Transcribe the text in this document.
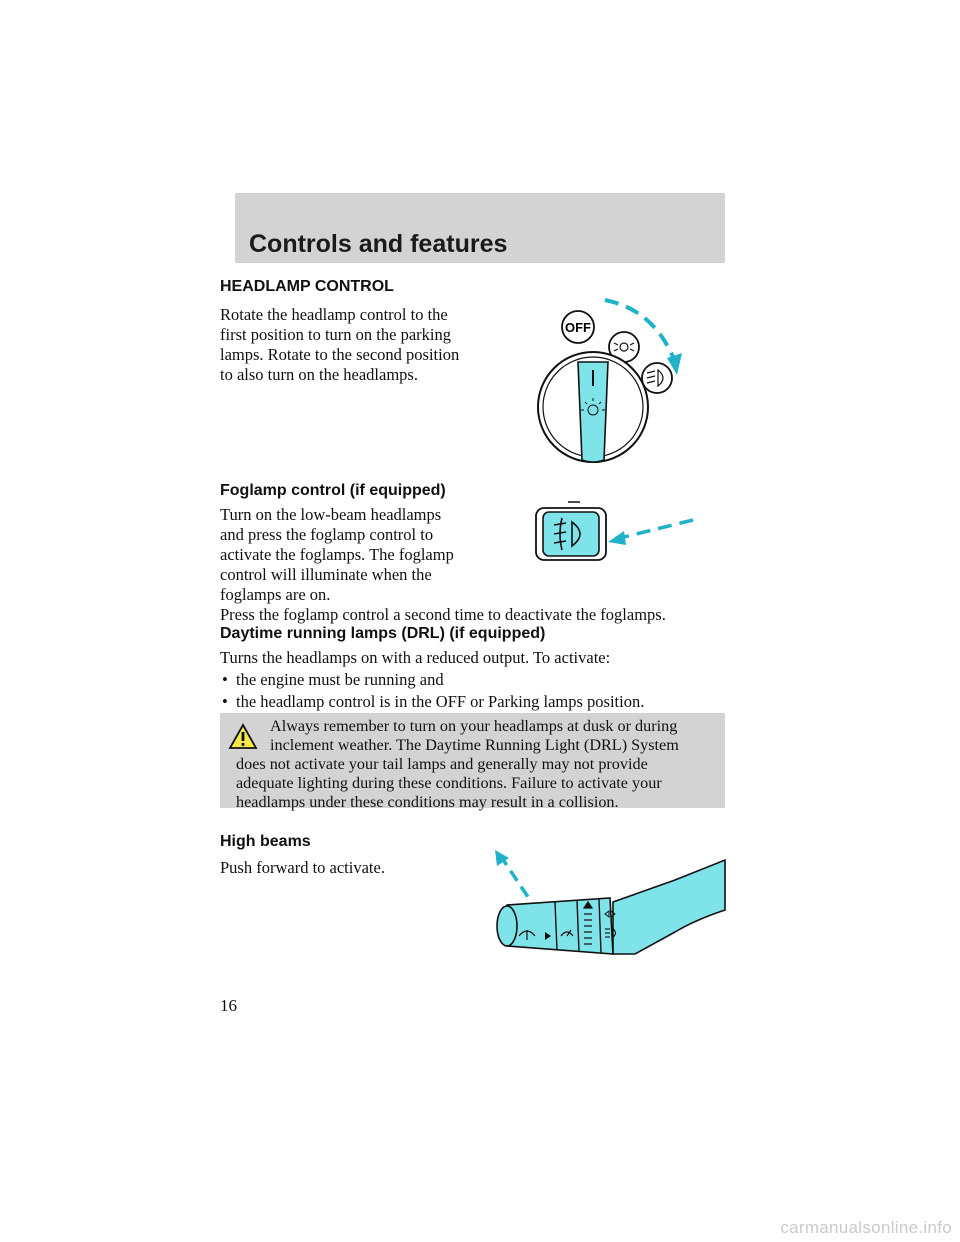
Controls and features
HEADLAMP CONTROL
Rotate the headlamp control to the
first position to turn on the parking
lamps. Rotate to the second position
to also turn on the headlamps.
OFF
Foglamp control (if equipped)
Turn on the low-beam headlamps
and press the foglamp control to
activate the foglamps. The foglamp
control will illuminate when the
foglamps are on.
Press the foglamp control a second time to deactivate the foglamps.
Daytime running lamps (DRL) (if equipped)
Turns the headlamps on with a reduced output. To activate:
• the engine must be running and
• the headlamp control is in the OFF or Parking lamps position.
Always remember to turn on your headlamps at dusk or during
inclement weather. The Daytime Running Light (DRL) System
does not activate your tail lamps and generally may not provide
adequate lighting during these conditions. Failure to activate your
headlamps under these conditions may result in a collision.
High beams
Push forward to activate.
16
carmanualsonline.info
